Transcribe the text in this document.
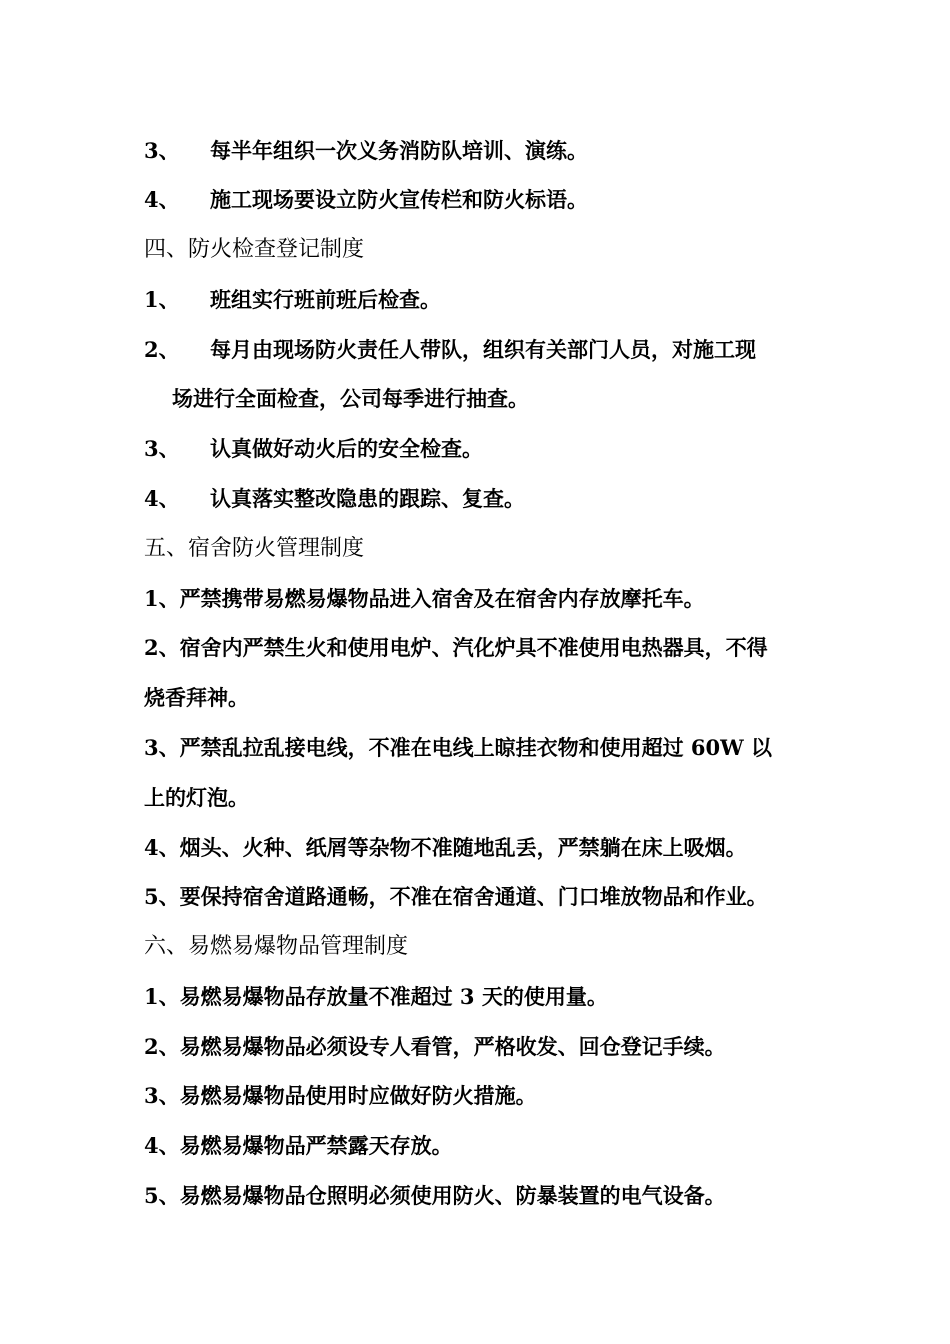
3、 每半年组织一次义务消防队培训、演练。
4、 施工现场要设立防火宣传栏和防火标语。
四、防火检查登记制度
1、 班组实行班前班后检查。
2、 每月由现场防火责任人带队，组织有关部门人员，对施工现
场进行全面检查，公司每季进行抽查。
3、 认真做好动火后的安全检查。
4、 认真落实整改隐患的跟踪、复查。
五、宿舍防火管理制度
1、严禁携带易燃易爆物品进入宿舍及在宿舍内存放摩托车。
2、宿舍内严禁生火和使用电炉、汽化炉具不准使用电热器具，不得
烧香拜神。
3、严禁乱拉乱接电线，不准在电线上晾挂衣物和使用超过 60W 以
上的灯泡。
4、烟头、火种、纸屑等杂物不准随地乱丢，严禁躺在床上吸烟。
5、要保持宿舍道路通畅，不准在宿舍通道、门口堆放物品和作业。
六、易燃易爆物品管理制度
1、易燃易爆物品存放量不准超过 3 天的使用量。
2、易燃易爆物品必须设专人看管，严格收发、回仓登记手续。
3、易燃易爆物品使用时应做好防火措施。
4、易燃易爆物品严禁露天存放。
5、易燃易爆物品仓照明必须使用防火、防暴装置的电气设备。
